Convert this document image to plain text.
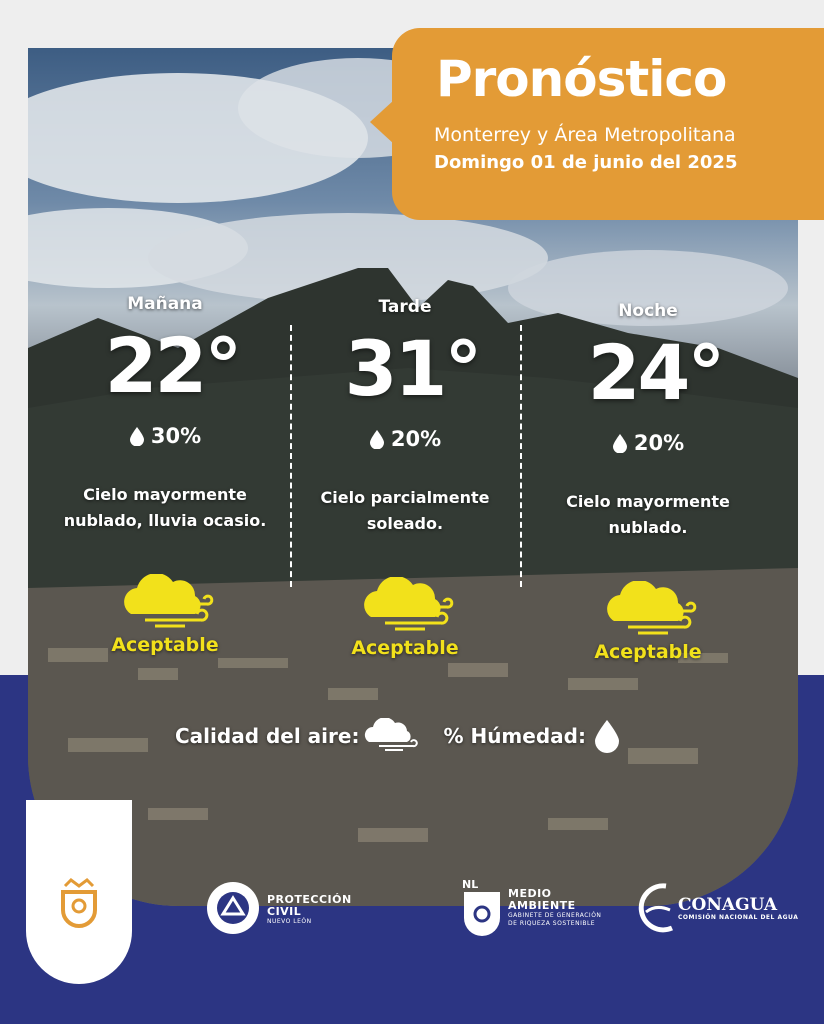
Pronóstico
Monterrey y Área Metropolitana
Domingo 01 de junio del 2025
Mañana
22°
30%
Cielo mayormente
nublado, lluvia ocasio.
Aceptable
Tarde
31°
20%
Cielo parcialmente
soleado.
Aceptable
Noche
24°
20%
Cielo mayormente
nublado.
Aceptable
Calidad del aire:	% Húmedad:
PROTECCIÓN
CIVIL
NUEVO LEÓN
NL
MEDIO
AMBIENTE
GABINETE DE GENERACIÓN
DE RIQUEZA SOSTENIBLE
CONAGUA
COMISIÓN NACIONAL DEL AGUA
